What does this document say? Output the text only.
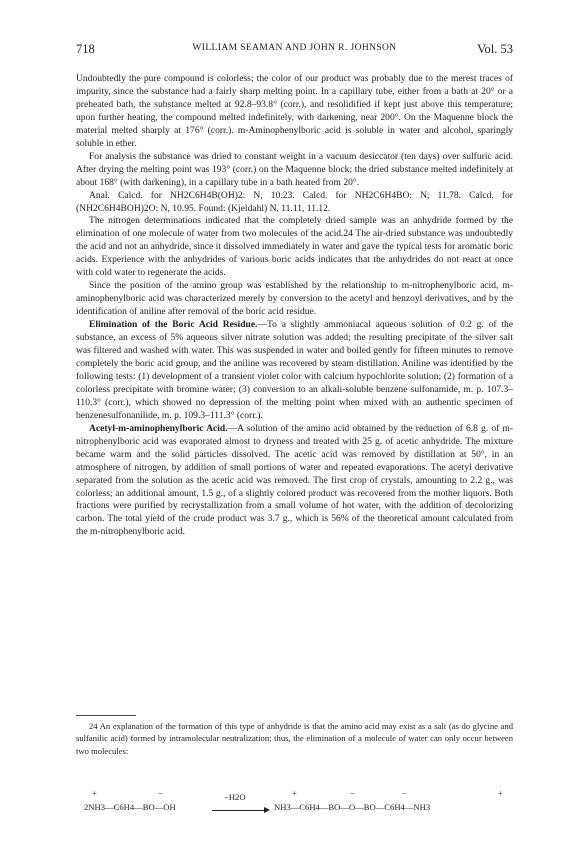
718	WILLIAM SEAMAN AND JOHN R. JOHNSON	Vol. 53

Undoubtedly the pure compound is colorless; the color of our product was probably due to the merest traces of impurity, since the substance had a fairly sharp melting point. In a capillary tube, either from a bath at 20° or a preheated bath, the substance melted at 92.8–93.8° (corr.), and resolidified if kept just above this temperature; upon further heating, the compound melted indefinitely, with darkening, near 200°. On the Maquenne block the material melted sharply at 176° (corr.). m-Aminophenylboric acid is soluble in water and alcohol, sparingly soluble in ether.

For analysis the substance was dried to constant weight in a vacuum desiccator (ten days) over sulfuric acid. After drying the melting point was 193° (corr.) on the Maquenne block; the dried substance melted indefinitely at about 168° (with darkening), in a capillary tube in a bath heated from 20°.

Anal. Calcd. for NH2C6H4B(OH)2: N, 10.23. Calcd. for NH2C6H4BO: N, 11.78. Calcd. for (NH2C6H4BOH)2O: N, 10.95. Found: (Kjeldahl) N, 11.11, 11.12.

The nitrogen determinations indicated that the completely dried sample was an anhydride formed by the elimination of one molecule of water from two molecules of the acid.24 The air-dried substance was undoubtedly the acid and not an anhydride, since it dissolved immediately in water and gave the typical tests for aromatic boric acids. Experience with the anhydrides of various boric acids indicates that the anhydrides do not react at once with cold water to regenerate the acids.

Since the position of the amino group was established by the relationship to m-nitrophenylboric acid, m-aminophenylboric acid was characterized merely by conversion to the acetyl and benzoyl derivatives, and by the identification of aniline after removal of the boric acid residue.

Elimination of the Boric Acid Residue.—To a slightly ammoniacal aqueous solution of 0.2 g. of the substance, an excess of 5% aqueous silver nitrate solution was added; the resulting precipitate of the silver salt was filtered and washed with water. This was suspended in water and boiled gently for fifteen minutes to remove completely the boric acid group, and the aniline was recovered by steam distillation. Aniline was identified by the following tests: (1) development of a transient violet color with calcium hypochlorite solution; (2) formation of a colorless precipitate with bromine water; (3) conversion to an alkali-soluble benzene sulfonamide, m. p. 107.3–110.3° (corr.), which showed no depression of the melting point when mixed with an authentic specimen of benzenesulfonanilide, m. p. 109.3–111.3° (corr.).

Acetyl-m-aminophenylboric Acid.—A solution of the amino acid obtained by the reduction of 6.8 g. of m-nitrophenylboric acid was evaporated almost to dryness and treated with 25 g. of acetic anhydride. The mixture became warm and the solid particles dissolved. The acetic acid was removed by distillation at 50°, in an atmosphere of nitrogen, by addition of small portions of water and repeated evaporations. The acetyl derivative separated from the solution as the acetic acid was removed. The first crop of crystals, amounting to 2.2 g., was colorless; an additional amount, 1.5 g., of a slightly colored product was recovered from the mother liquors. Both fractions were purified by recrystallization from a small volume of hot water, with the addition of decolorizing carbon. The total yield of the crude product was 3.7 g., which is 56% of the theoretical amount calculated from the m-nitrophenylboric acid.

24 An explanation of the formation of this type of anhydride is that the amino acid may exist as a salt (as do glycine and sulfanilic acid) formed by intramolecular neutralization; thus, the elimination of a molecule of water can only occur between two molecules:
+	−
2NH3—C6H4—BO—OH
−H2O	+	−	−	+
NH3—C6H4—BO—O—BO—C6H4—NH3
